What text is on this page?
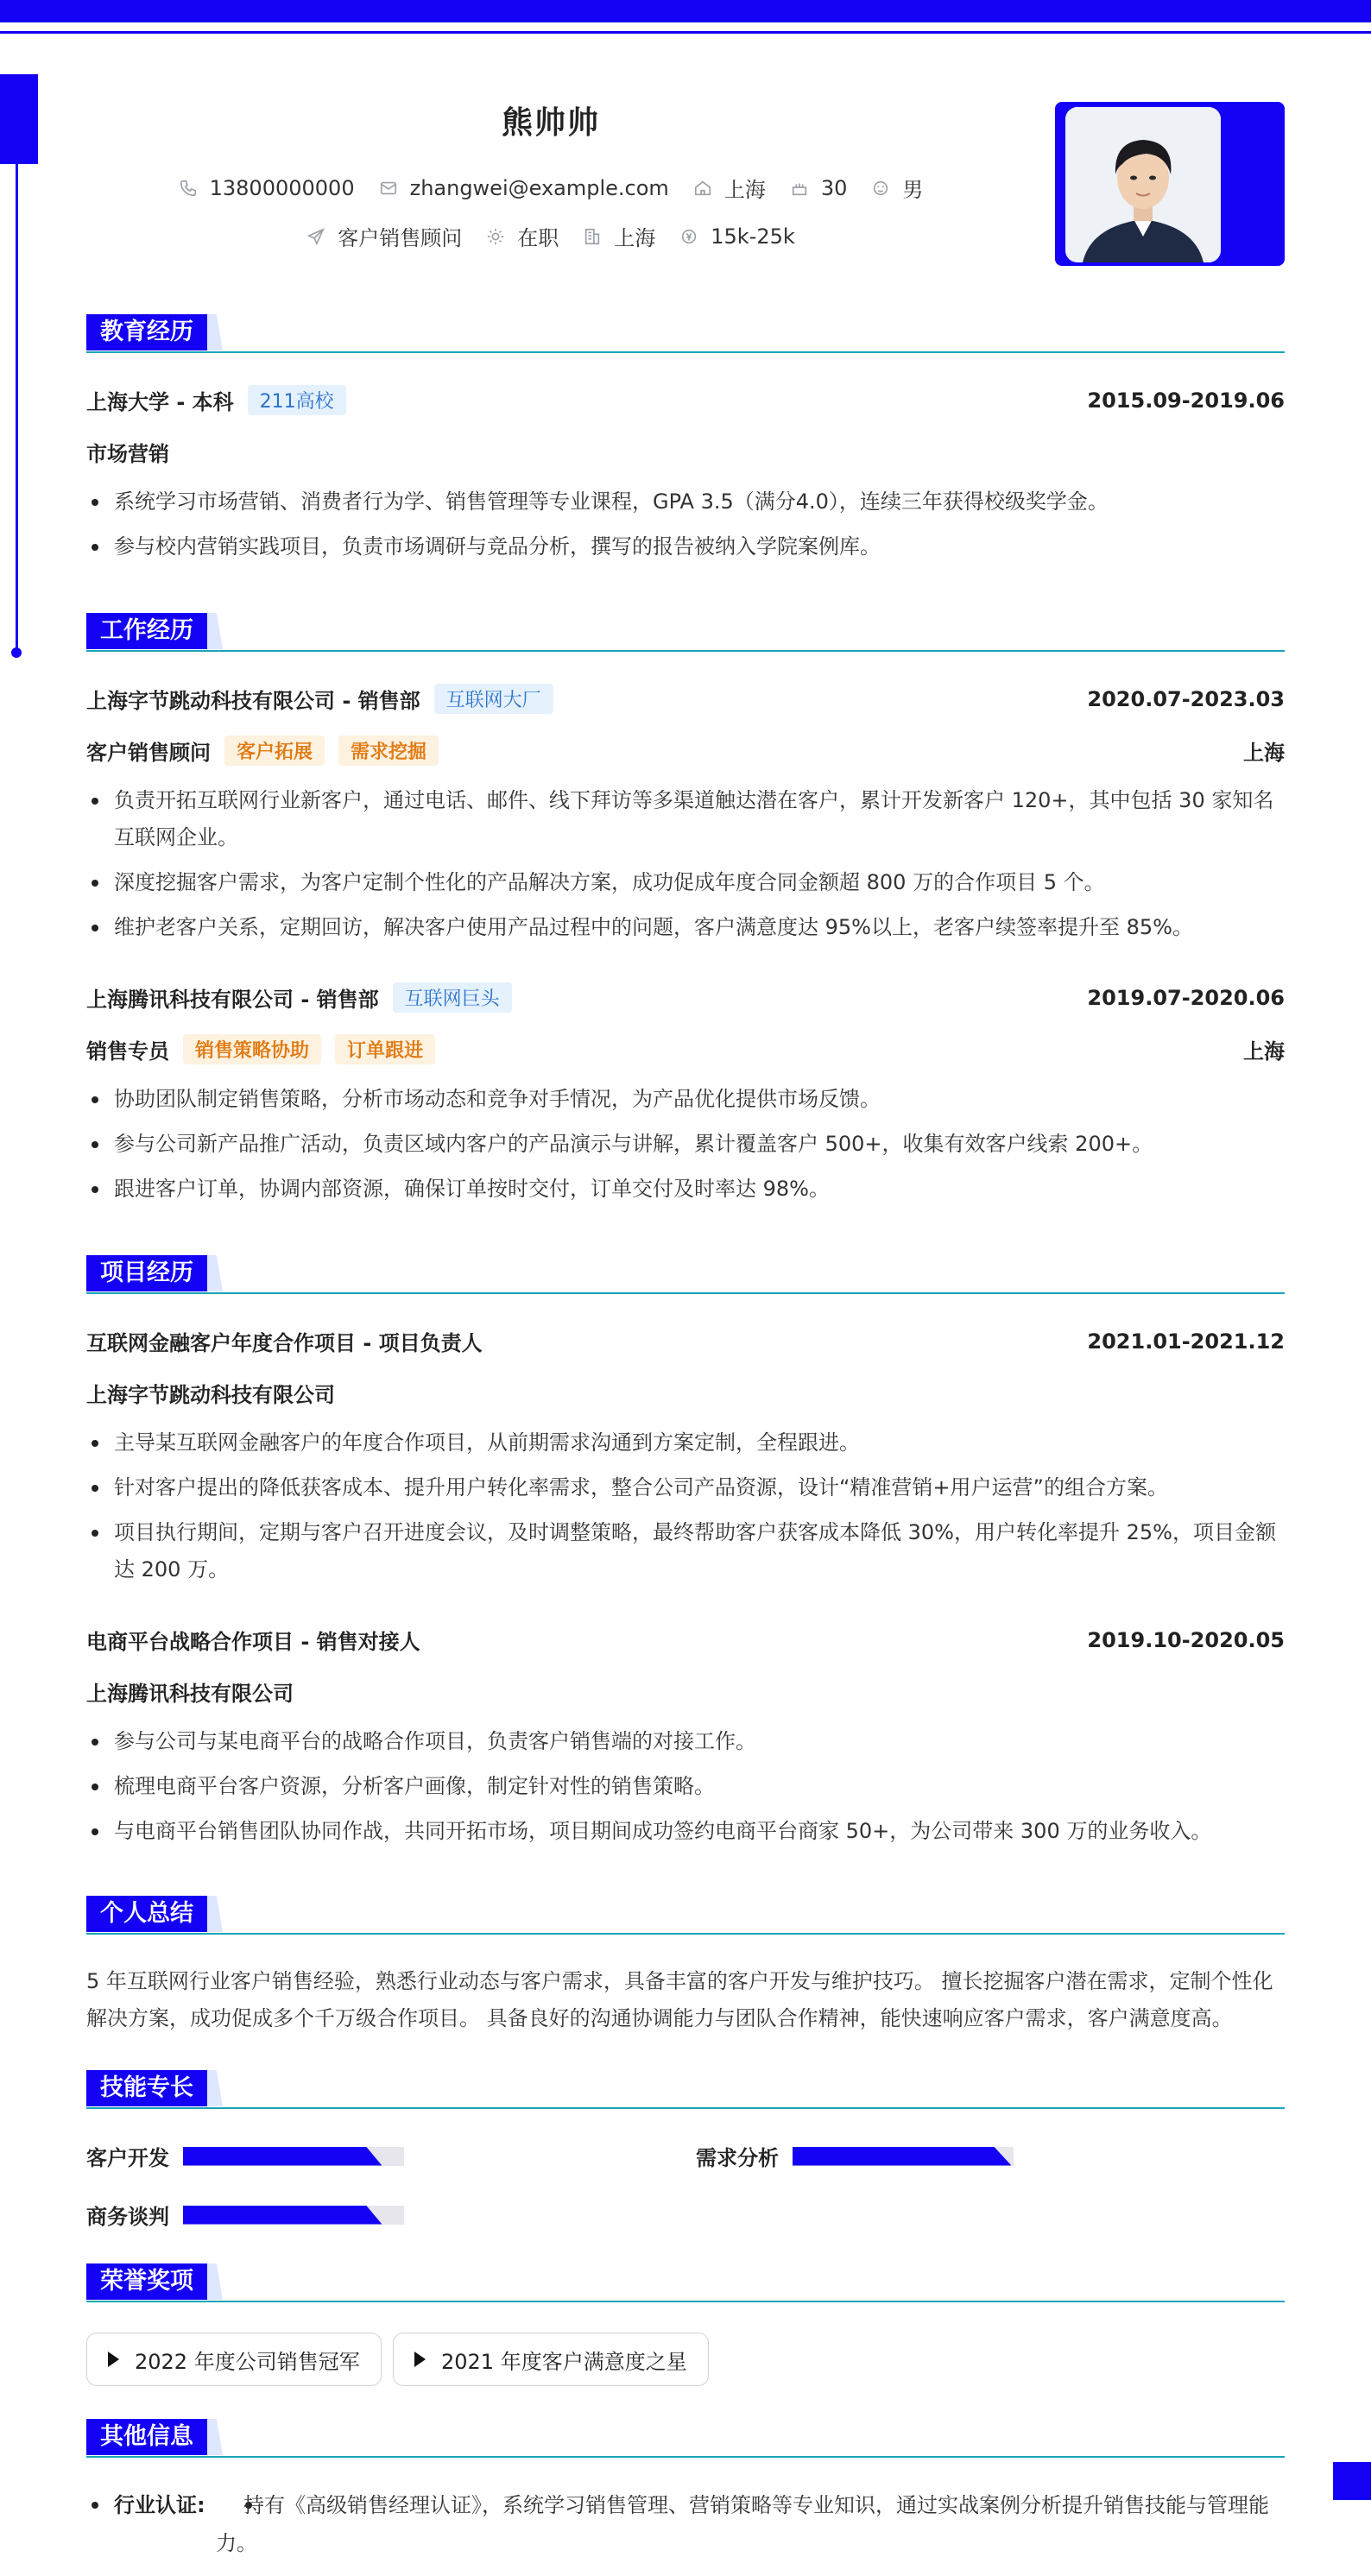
熊帅帅
13800000000	zhangwei@example.com	上海	30	男
客户销售顾问	在职	上海	15k-25k
教育经历
上海大学 - 本科	211高校	2015.09-2019.06
市场营销
系统学习市场营销、消费者行为学、销售管理等专业课程，GPA 3.5（满分4.0），连续三年获得校级奖学金。
参与校内营销实践项目，负责市场调研与竞品分析，撰写的报告被纳入学院案例库。
工作经历
上海字节跳动科技有限公司 - 销售部	互联网大厂	2020.07-2023.03
客户销售顾问	客户拓展	需求挖掘	上海
负责开拓互联网行业新客户，通过电话、邮件、线下拜访等多渠道触达潜在客户，累计开发新客户 120+，其中包括 30 家知名互联网企业。
深度挖掘客户需求，为客户定制个性化的产品解决方案，成功促成年度合同金额超 800 万的合作项目 5 个。
维护老客户关系，定期回访，解决客户使用产品过程中的问题，客户满意度达 95%以上，老客户续签率提升至 85%。
上海腾讯科技有限公司 - 销售部	互联网巨头	2019.07-2020.06
销售专员	销售策略协助	订单跟进	上海
协助团队制定销售策略，分析市场动态和竞争对手情况，为产品优化提供市场反馈。
参与公司新产品推广活动，负责区域内客户的产品演示与讲解，累计覆盖客户 500+，收集有效客户线索 200+。
跟进客户订单，协调内部资源，确保订单按时交付，订单交付及时率达 98%。
项目经历
互联网金融客户年度合作项目 - 项目负责人	2021.01-2021.12
上海字节跳动科技有限公司
主导某互联网金融客户的年度合作项目，从前期需求沟通到方案定制，全程跟进。
针对客户提出的降低获客成本、提升用户转化率需求，整合公司产品资源，设计“精准营销+用户运营”的组合方案。
项目执行期间，定期与客户召开进度会议，及时调整策略，最终帮助客户获客成本降低 30%，用户转化率提升 25%，项目金额达 200 万。
电商平台战略合作项目 - 销售对接人	2019.10-2020.05
上海腾讯科技有限公司
参与公司与某电商平台的战略合作项目，负责客户销售端的对接工作。
梳理电商平台客户资源，分析客户画像，制定针对性的销售策略。
与电商平台销售团队协同作战，共同开拓市场，项目期间成功签约电商平台商家 50+，为公司带来 300 万的业务收入。
个人总结
5 年互联网行业客户销售经验，熟悉行业动态与客户需求，具备丰富的客户开发与维护技巧。 擅长挖掘客户潜在需求，定制个性化解决方案，成功促成多个千万级合作项目。 具备良好的沟通协调能力与团队合作精神，能快速响应客户需求，客户满意度高。
技能专长
客户开发	需求分析
商务谈判
荣誉奖项
2022 年度公司销售冠军	2021 年度客户满意度之星
其他信息
行业认证:	持有《高级销售经理认证》，系统学习销售管理、营销策略等专业知识，通过实战案例分析提升销售技能与管理能力。
